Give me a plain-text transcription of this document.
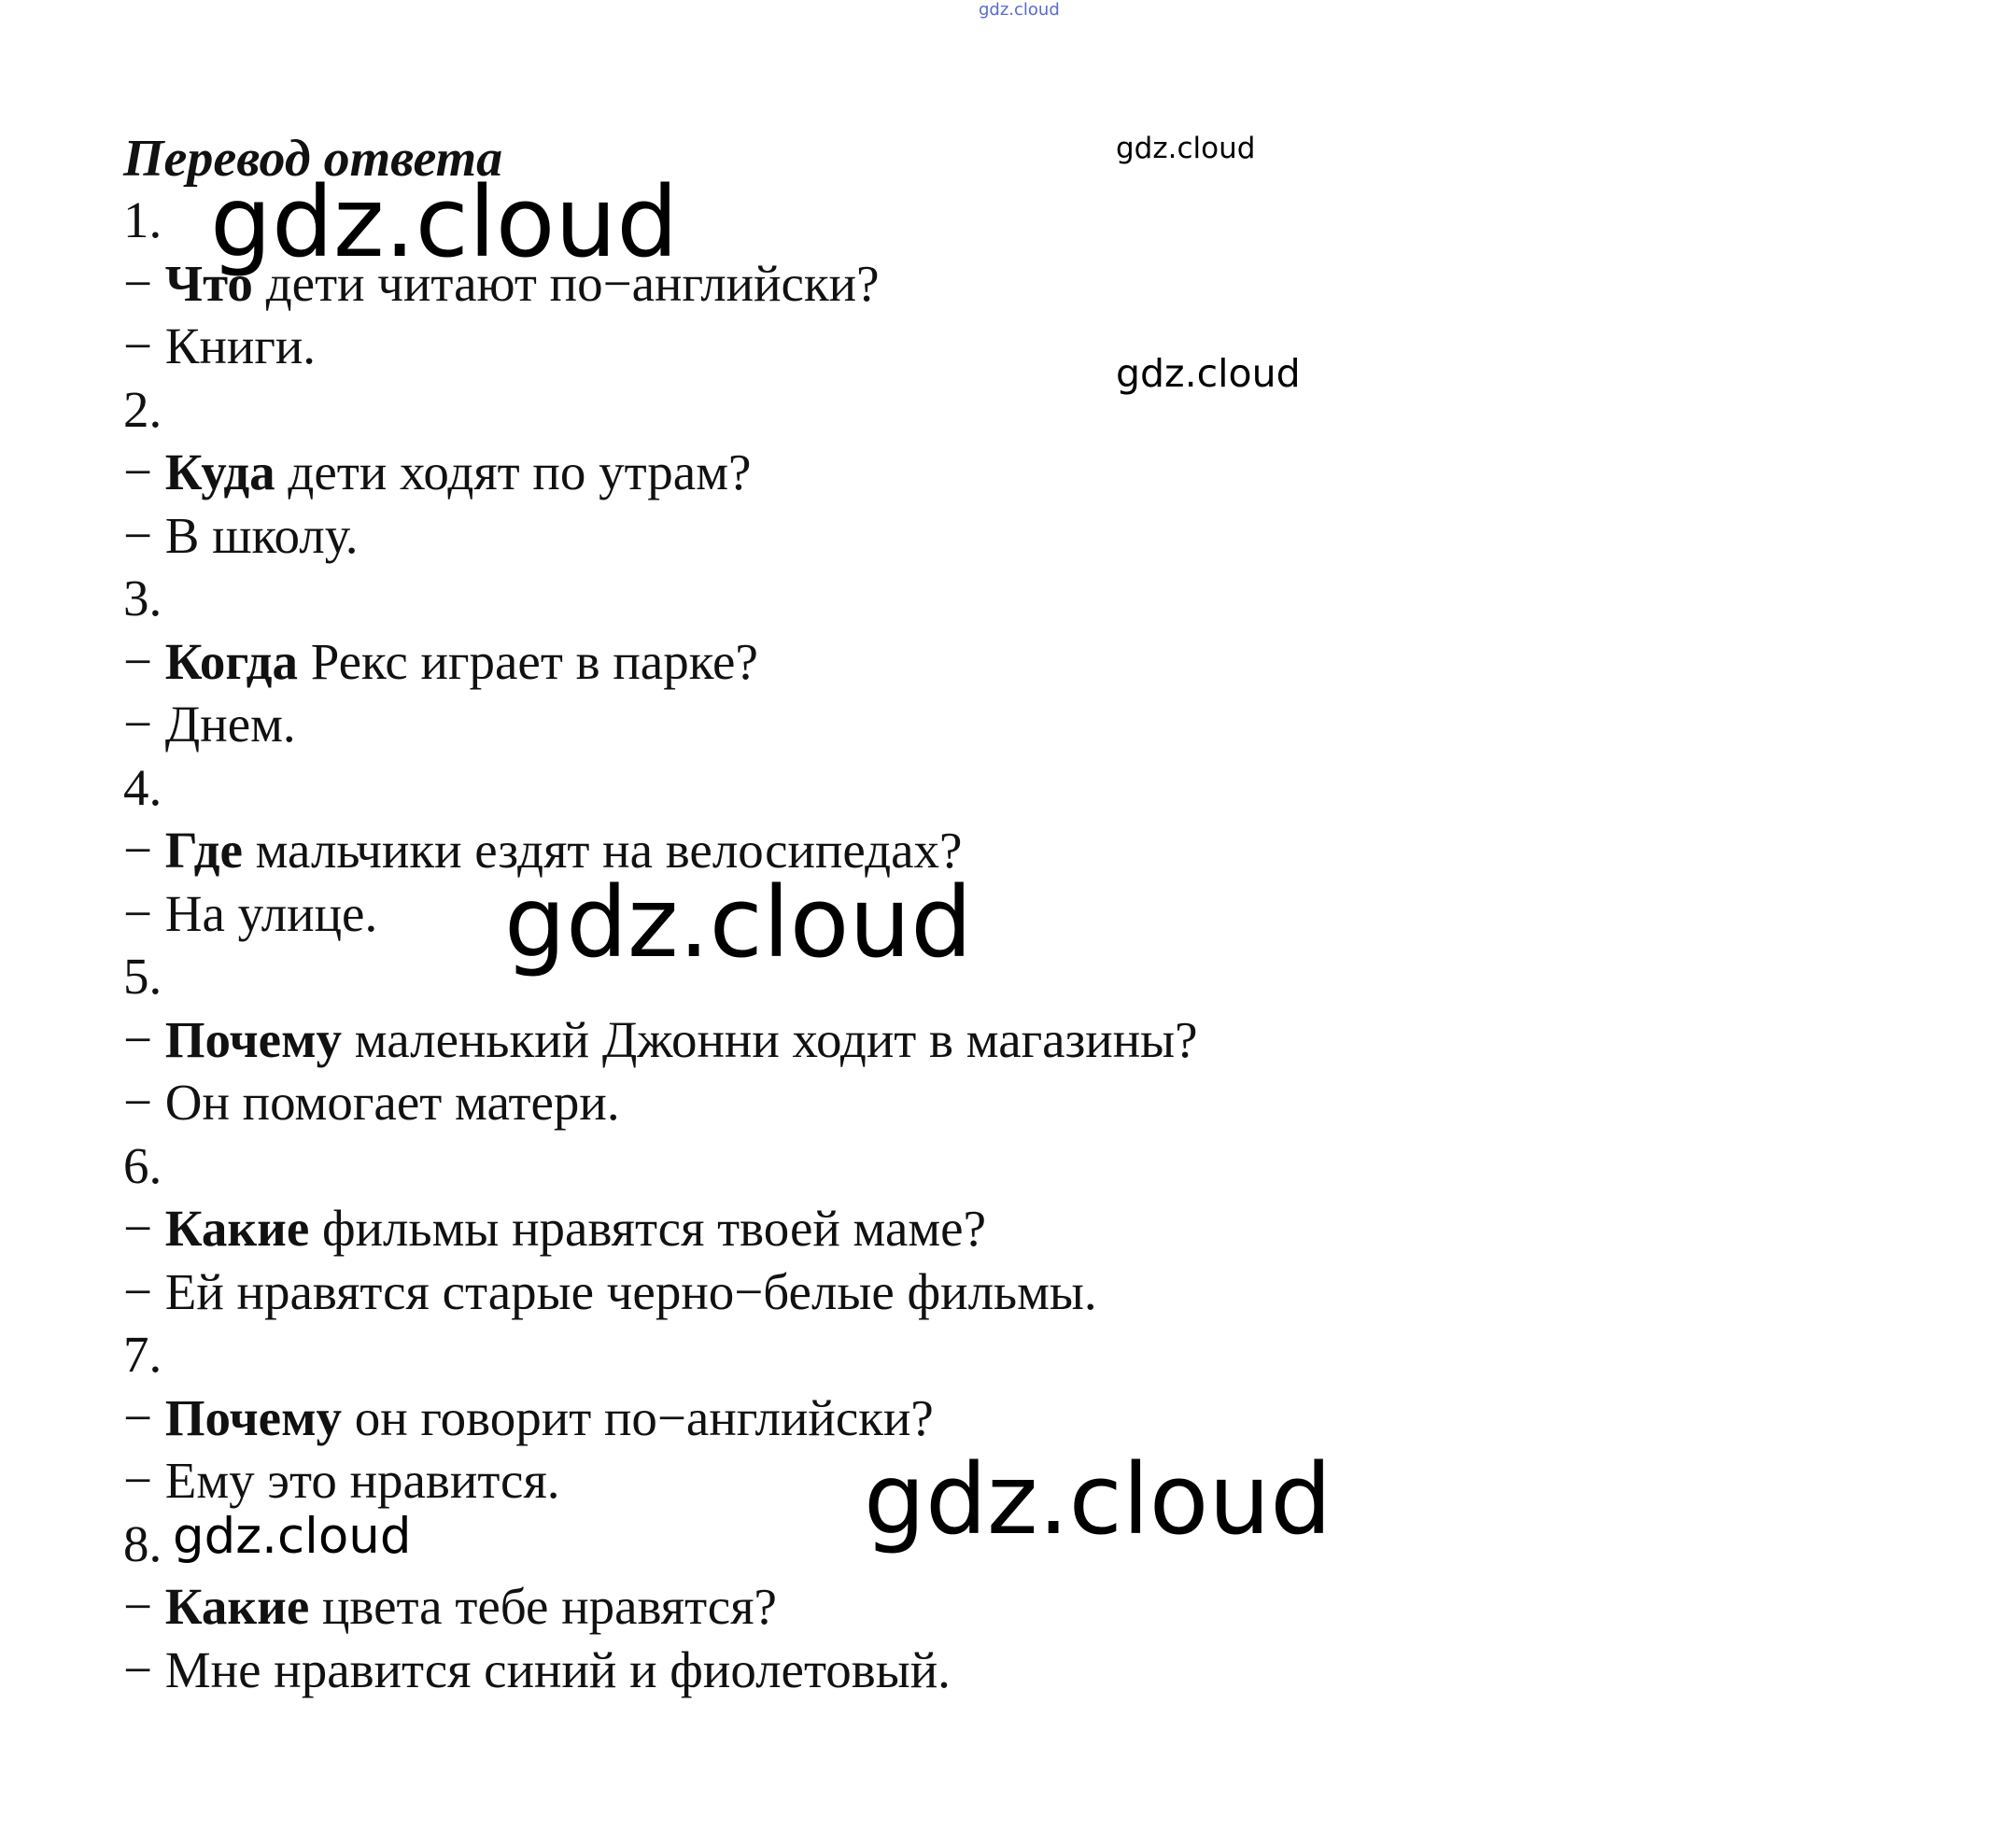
Перевод ответа
1.
− Что дети читают по−английски?
− Книги.
2.
− Куда дети ходят по утрам?
− В школу.
3.
− Когда Рекс играет в парке?
− Днем.
4.
− Где мальчики ездят на велосипедах?
− На улице.
5.
− Почему маленький Джонни ходит в магазины?
− Он помогает матери.
6.
− Какие фильмы нравятся твоей маме?
− Ей нравятся старые черно−белые фильмы.
7.
− Почему он говорит по−английски?
− Ему это нравится.
8.
− Какие цвета тебе нравятся?
− Мне нравится синий и фиолетовый.
gdz.cloud
gdz.cloud
gdz.cloud
gdz.cloud
gdz.cloud
gdz.cloud
gdz.cloud
